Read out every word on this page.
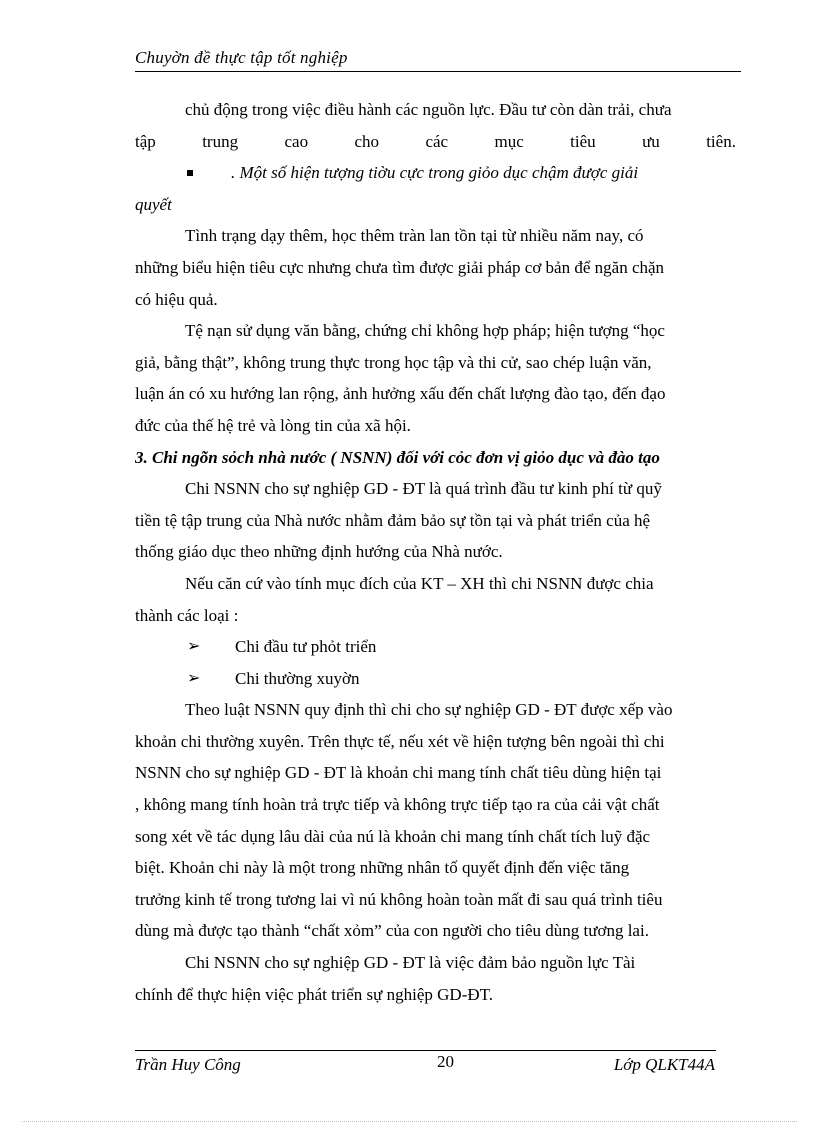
Chuyờn đề thực tập tốt nghiệp
chủ động trong việc điều hành các nguồn lực. Đầu tư còn dàn trải, chưa
tập	trung	cao	cho	các	mục	tiêu	ưu	tiên.
. Một số hiện tượng tiờu cực trong giỏo dục chậm được giải
quyết
Tình trạng dạy thêm, học thêm tràn lan tồn tại từ nhiều năm nay, có
những biểu hiện tiêu cực nhưng chưa tìm được giải pháp cơ bản để ngăn chặn
có hiệu quả.
Tệ nạn sử dụng văn bằng, chứng chỉ không hợp pháp; hiện tượng “học
giả, bằng thật”, không trung thực trong học tập và thi cử, sao chép luận văn,
luận án có xu hướng lan rộng, ảnh hưởng xấu đến chất lượng đào tạo, đến đạo
đức của thế hệ trẻ và lòng tin của xã hội.
3. Chi ngõn sỏch nhà nước ( NSNN) đối với cỏc đơn vị giỏo dục và đào tạo
Chi NSNN cho sự nghiệp GD - ĐT là quá trình đầu tư kinh phí từ quỹ
tiền tệ tập trung của Nhà nước nhằm đảm bảo sự tồn tại và phát triển của hệ
thống giáo dục theo những định hướng của Nhà nước.
Nếu căn cứ vào tính mục đích của KT – XH thì chi NSNN được chia
thành các loại :
➢	Chi đầu tư phỏt triển
➢	Chi thường xuyờn
Theo luật NSNN quy định thì chi cho sự nghiệp GD - ĐT được xếp vào
khoản chi thường xuyên. Trên thực tế, nếu xét về hiện tượng bên ngoài thì chi
NSNN cho sự nghiệp GD - ĐT là khoản chi mang tính chất tiêu dùng hiện tại
, không mang tính hoàn trả trực tiếp và không trực tiếp tạo ra của cải vật chất
song xét về tác dụng lâu dài của nú là khoản chi mang tính chất tích luỹ đặc
biệt. Khoản chi này là một trong những nhân tố quyết định đến việc tăng
trưởng kinh tế trong tương lai vì nú không hoàn toàn mất đi sau quá trình tiêu
dùng mà được tạo thành “chất xỏm” của con người cho tiêu dùng tương lai.
Chi NSNN cho sự nghiệp GD - ĐT là việc đảm bảo nguồn lực Tài
chính để thực hiện việc phát triển sự nghiệp GD-ĐT.
Trần Huy Công	20	Lớp QLKT44A
